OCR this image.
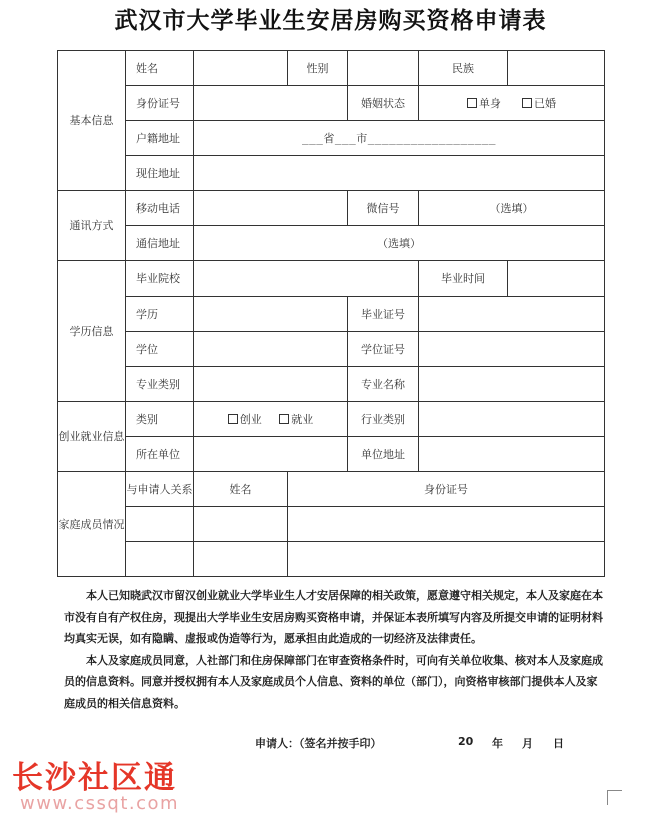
武汉市大学毕业生安居房购买资格申请表
基本信息	姓名		性别		民族	
	身份证号			婚姻状态	单身 已婚	
	户籍地址	___省___市__________________				
	现住地址					
通讯方式	移动电话			微信号	（选填）	
	通信地址	（选填）				
学历信息	毕业院校				毕业时间	
	学历			毕业证号		
	学位			学位证号		
	专业类别			专业名称		
创业就业信息	类别	创业 就业		行业类别		
	所在单位			单位地址		
家庭成员情况	与申请人关系	姓名	身份证号			

本人已知晓武汉市留汉创业就业大学毕业生人才安居保障的相关政策，愿意遵守相关规定，本人及家庭在本市没有自有产权住房，现提出大学毕业生安居房购买资格申请，并保证本表所填写内容及所提交申请的证明材料均真实无误，如有隐瞒、虚报或伪造等行为，愿承担由此造成的一切经济及法律责任。

本人及家庭成员同意，人社部门和住房保障部门在审查资格条件时，可向有关单位收集、核对本人及家庭成员的信息资料。同意并授权拥有本人及家庭成员个人信息、资料的单位（部门），向资格审核部门提供本人及家庭成员的相关信息资料。

申请人：（签名并按手印）	20 年 月 日
长沙社区通
www.cssqt.com
